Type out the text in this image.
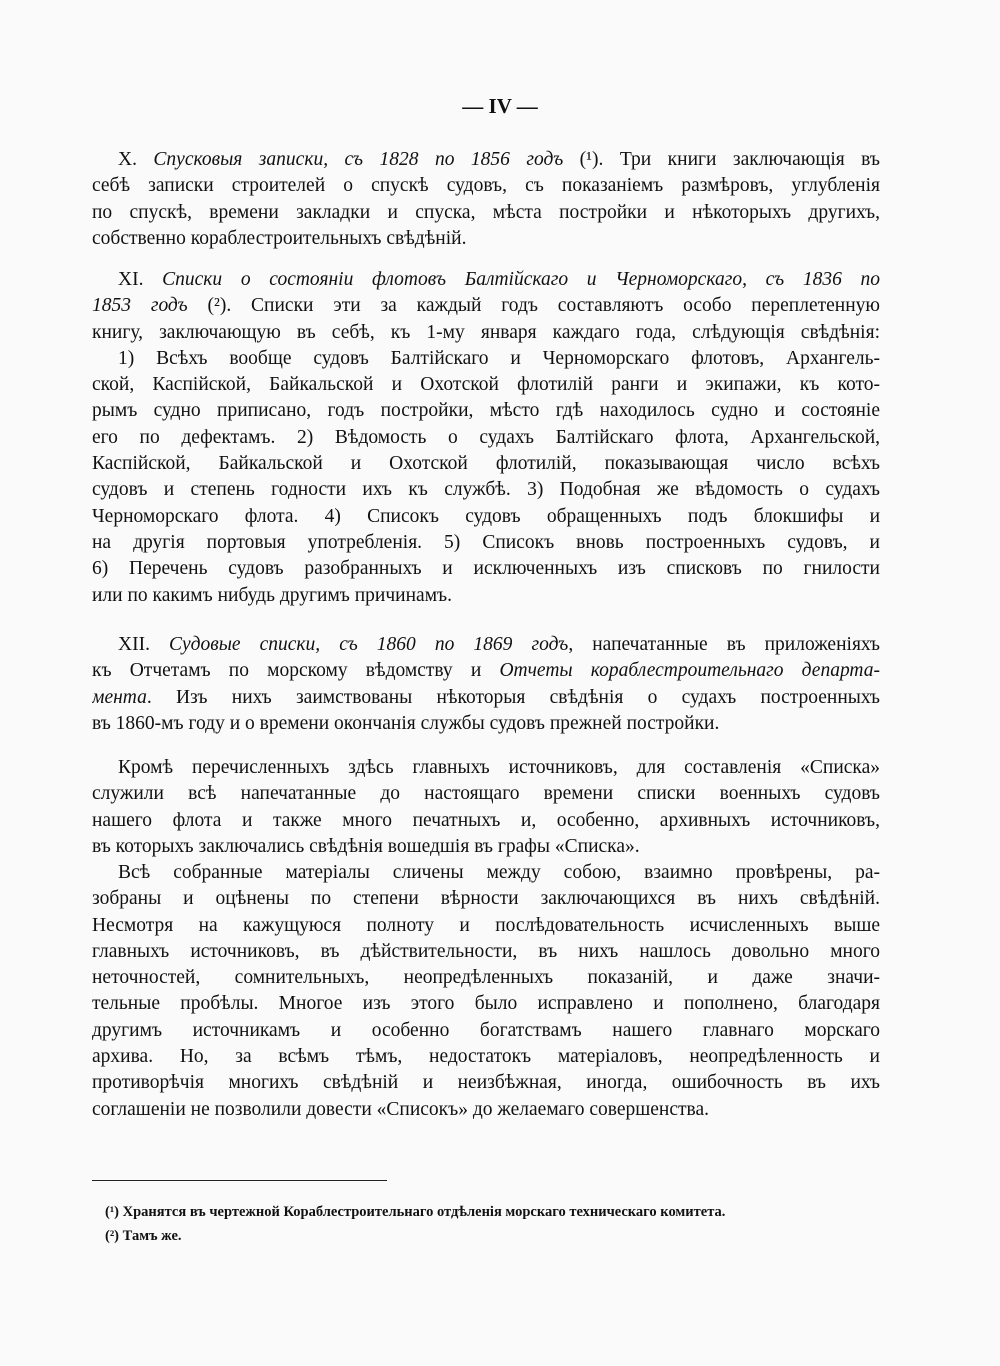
— IV —
X. Спусковыя записки, съ 1828 по 1856 годъ (¹). Три книги заключающія въ
себѣ записки строителей о спускѣ судовъ, съ показаніемъ размѣровъ, углубленія
по спускѣ, времени закладки и спуска, мѣста постройки и нѣкоторыхъ другихъ,
собственно кораблестроительныхъ свѣдѣній.
XI. Списки о состояніи флотовъ Балтійскаго и Черноморскаго, съ 1836 по
1853 годъ (²). Списки эти за каждый годъ составляютъ особо переплетенную
книгу, заключающую въ себѣ, къ 1-му января каждаго года, слѣдующія свѣдѣнія:
1) Всѣхъ вообще судовъ Балтійскаго и Черноморскаго флотовъ, Архангель-
ской, Каспійской, Байкальской и Охотской флотилій ранги и экипажи, къ кото-
рымъ судно приписано, годъ постройки, мѣсто гдѣ находилось судно и состояніе
его по дефектамъ. 2) Вѣдомость о судахъ Балтійскаго флота, Архангельской,
Каспійской, Байкальской и Охотской флотилій, показывающая число всѣхъ
судовъ и степень годности ихъ къ службѣ. 3) Подобная же вѣдомость о судахъ
Черноморскаго флота. 4) Списокъ судовъ обращенныхъ подъ блокшифы и
на другія портовыя употребленія. 5) Списокъ вновь построенныхъ судовъ, и
6) Перечень судовъ разобранныхъ и исключенныхъ изъ списковъ по гнилости
или по какимъ нибудь другимъ причинамъ.
XII. Судовые списки, съ 1860 по 1869 годъ, напечатанные въ приложеніяхъ
къ Отчетамъ по морскому вѣдомству и Отчеты кораблестроительнаго департа-
мента. Изъ нихъ заимствованы нѣкоторыя свѣдѣнія о судахъ построенныхъ
въ 1860-мъ году и о времени окончанія службы судовъ прежней постройки.
Кромѣ перечисленныхъ здѣсь главныхъ источниковъ, для составленія «Списка»
служили всѣ напечатанные до настоящаго времени списки военныхъ судовъ
нашего флота и также много печатныхъ и, особенно, архивныхъ источниковъ,
въ которыхъ заключались свѣдѣнія вошедшія въ графы «Списка».
Всѣ собранные матеріалы сличены между собою, взаимно провѣрены, ра-
зобраны и оцѣнены по степени вѣрности заключающихся въ нихъ свѣдѣній.
Несмотря на кажущуюся полноту и послѣдовательность исчисленныхъ выше
главныхъ источниковъ, въ дѣйствительности, въ нихъ нашлось довольно много
неточностей, сомнительныхъ, неопредѣленныхъ показаній, и даже значи-
тельные пробѣлы. Многое изъ этого было исправлено и пополнено, благодаря
другимъ источникамъ и особенно богатствамъ нашего главнаго морскаго
архива. Но, за всѣмъ тѣмъ, недостатокъ матеріаловъ, неопредѣленность и
противорѣчія многихъ свѣдѣній и неизбѣжная, иногда, ошибочность въ ихъ
соглашеніи не позволили довести «Списокъ» до желаемаго совершенства.
(¹) Хранятся въ чертежной Кораблестроительнаго отдѣленія морскаго техническаго комитета.
(²) Тамъ же.
